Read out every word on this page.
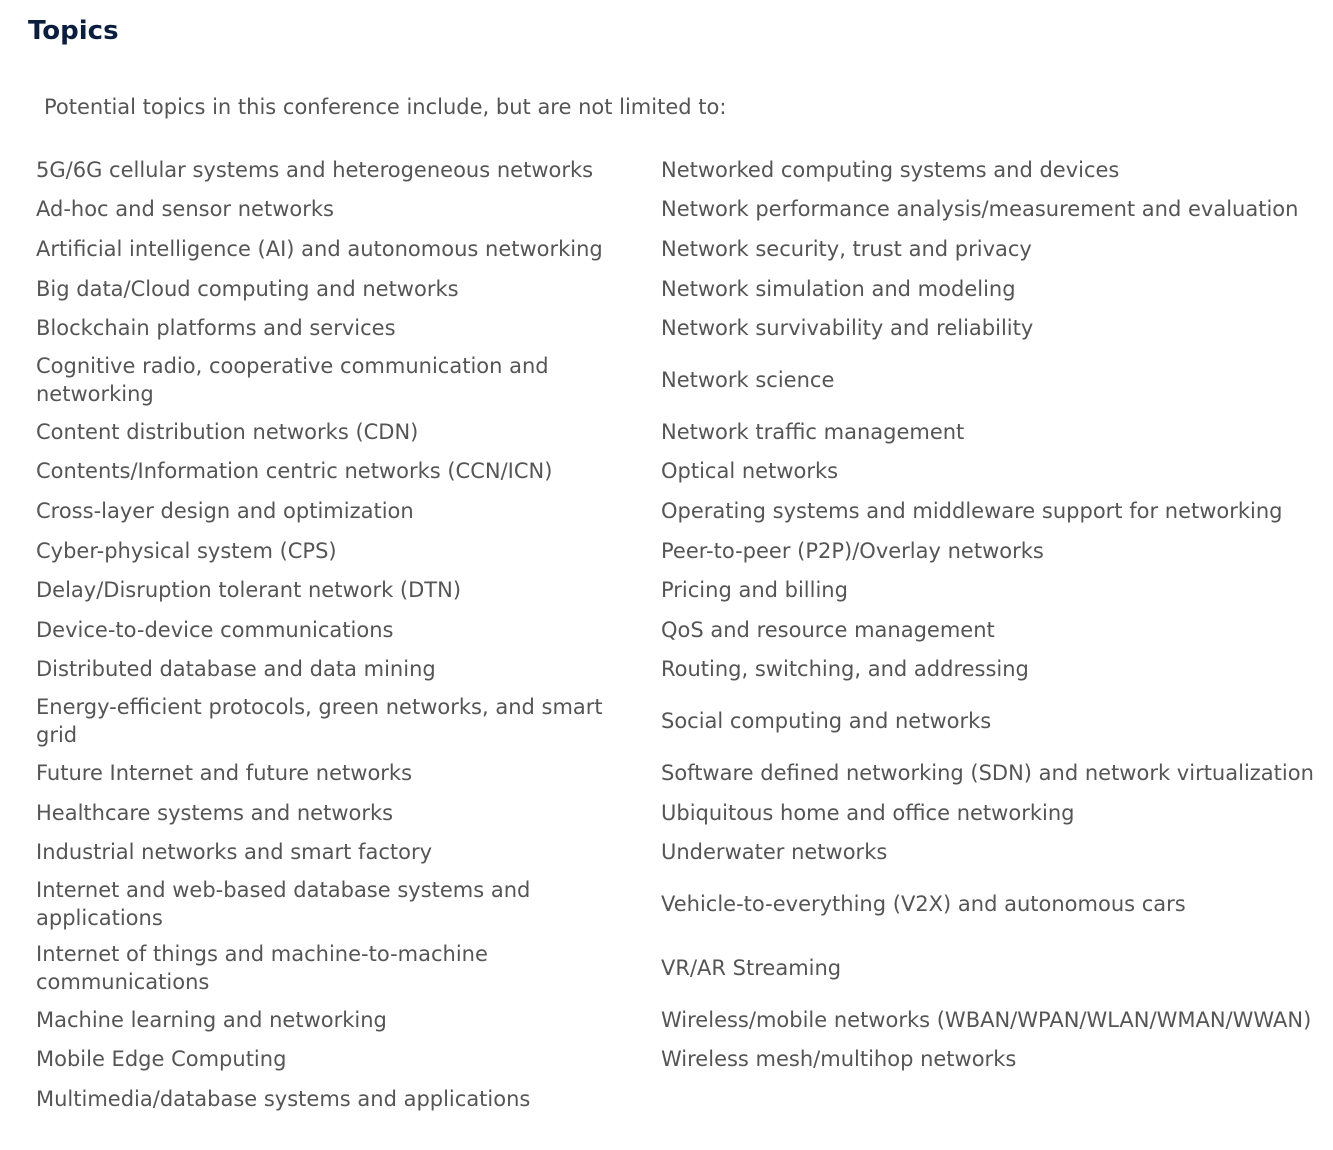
Topics

Potential topics in this conference include, but are not limited to:

5G/6G cellular systems and heterogeneous networks	Networked computing systems and devices
Ad-hoc and sensor networks	Network performance analysis/measurement and evaluation
Artificial intelligence (AI) and autonomous networking	Network security, trust and privacy
Big data/Cloud computing and networks	Network simulation and modeling
Blockchain platforms and services	Network survivability and reliability
Cognitive radio, cooperative communication and networking	Network science
Content distribution networks (CDN)	Network traffic management
Contents/Information centric networks (CCN/ICN)	Optical networks
Cross-layer design and optimization	Operating systems and middleware support for networking
Cyber-physical system (CPS)	Peer-to-peer (P2P)/Overlay networks
Delay/Disruption tolerant network (DTN)	Pricing and billing
Device-to-device communications	QoS and resource management
Distributed database and data mining	Routing, switching, and addressing
Energy-efficient protocols, green networks, and smart grid	Social computing and networks
Future Internet and future networks	Software defined networking (SDN) and network virtualization
Healthcare systems and networks	Ubiquitous home and office networking
Industrial networks and smart factory	Underwater networks
Internet and web-based database systems and applications	Vehicle-to-everything (V2X) and autonomous cars
Internet of things and machine-to-machine communications	VR/AR Streaming
Machine learning and networking	Wireless/mobile networks (WBAN/WPAN/WLAN/WMAN/WWAN)
Mobile Edge Computing	Wireless mesh/multihop networks
Multimedia/database systems and applications	
